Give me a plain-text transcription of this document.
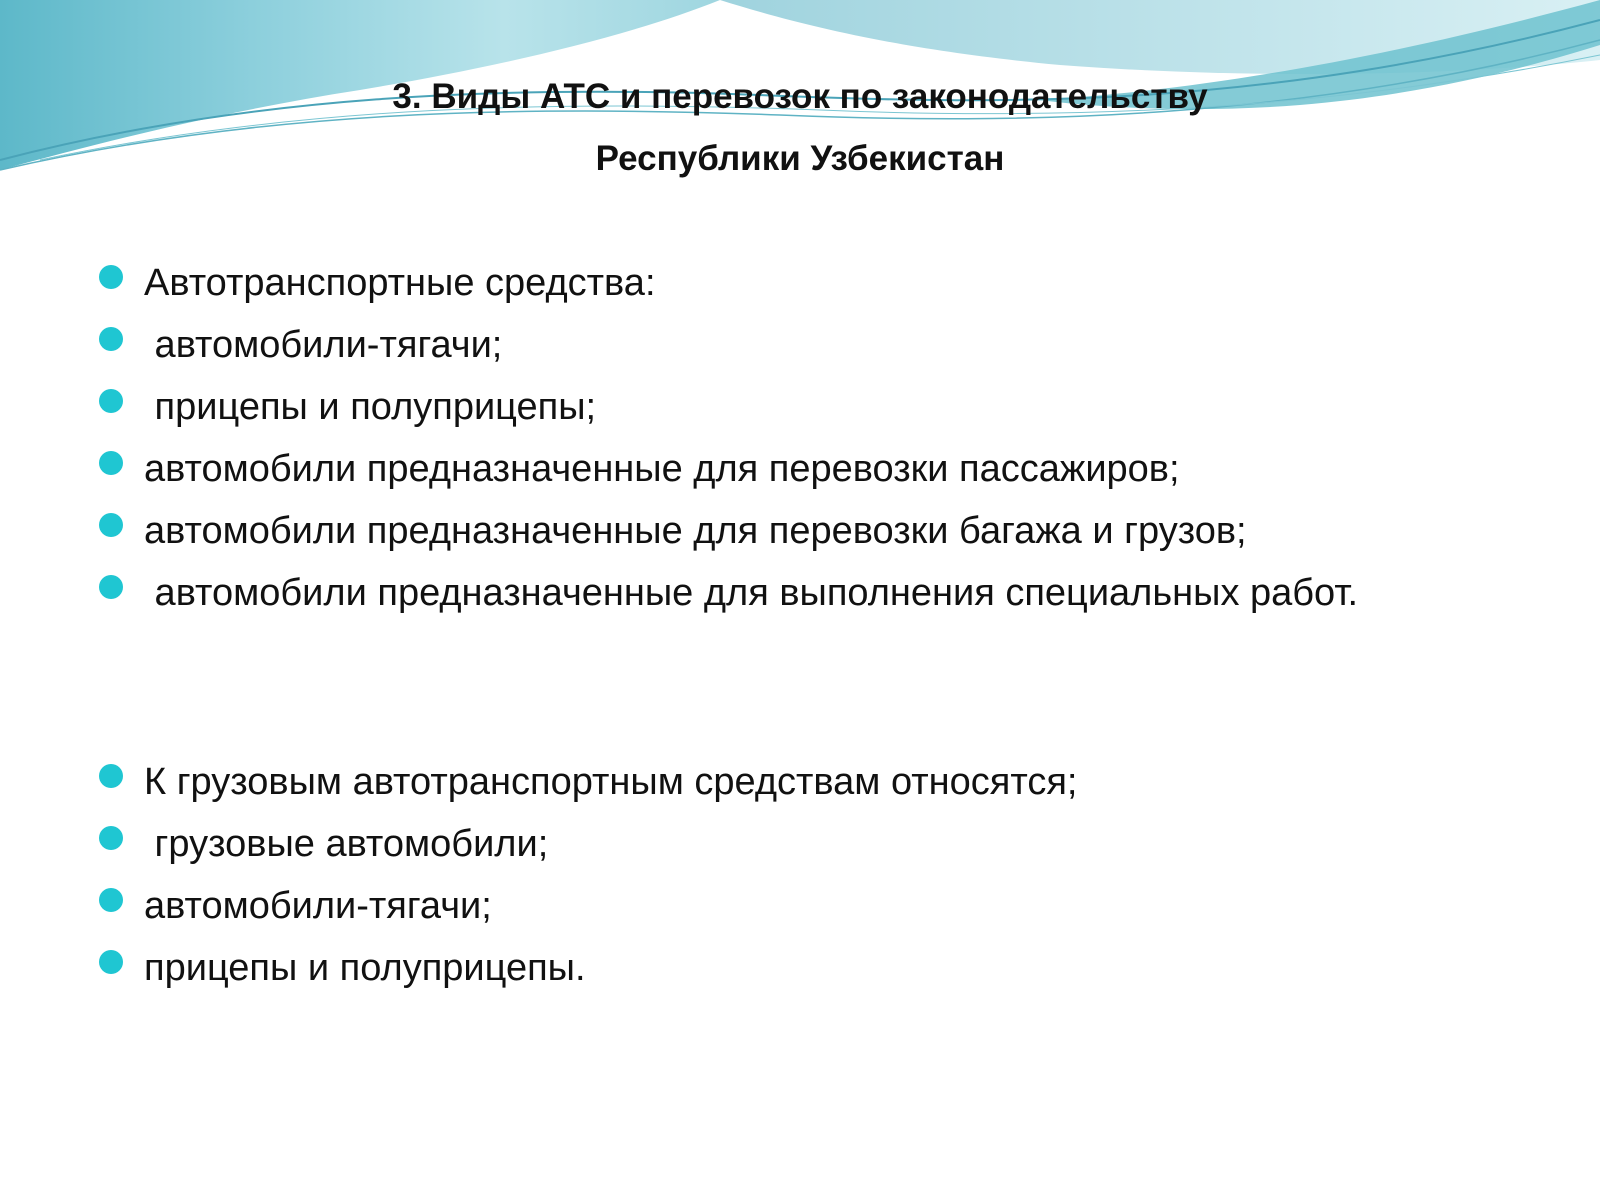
3. Виды АТС и перевозок по законодательству
Республики Узбекистан
Автотранспортные средства:
автомобили-тягачи;
прицепы и полуприцепы;
автомобили предназначенные для перевозки пассажиров;
автомобили предназначенные для перевозки багажа и грузов;
автомобили предназначенные для выполнения специальных работ.
К грузовым автотранспортным средствам относятся;
грузовые автомобили;
автомобили-тягачи;
прицепы и полуприцепы.
